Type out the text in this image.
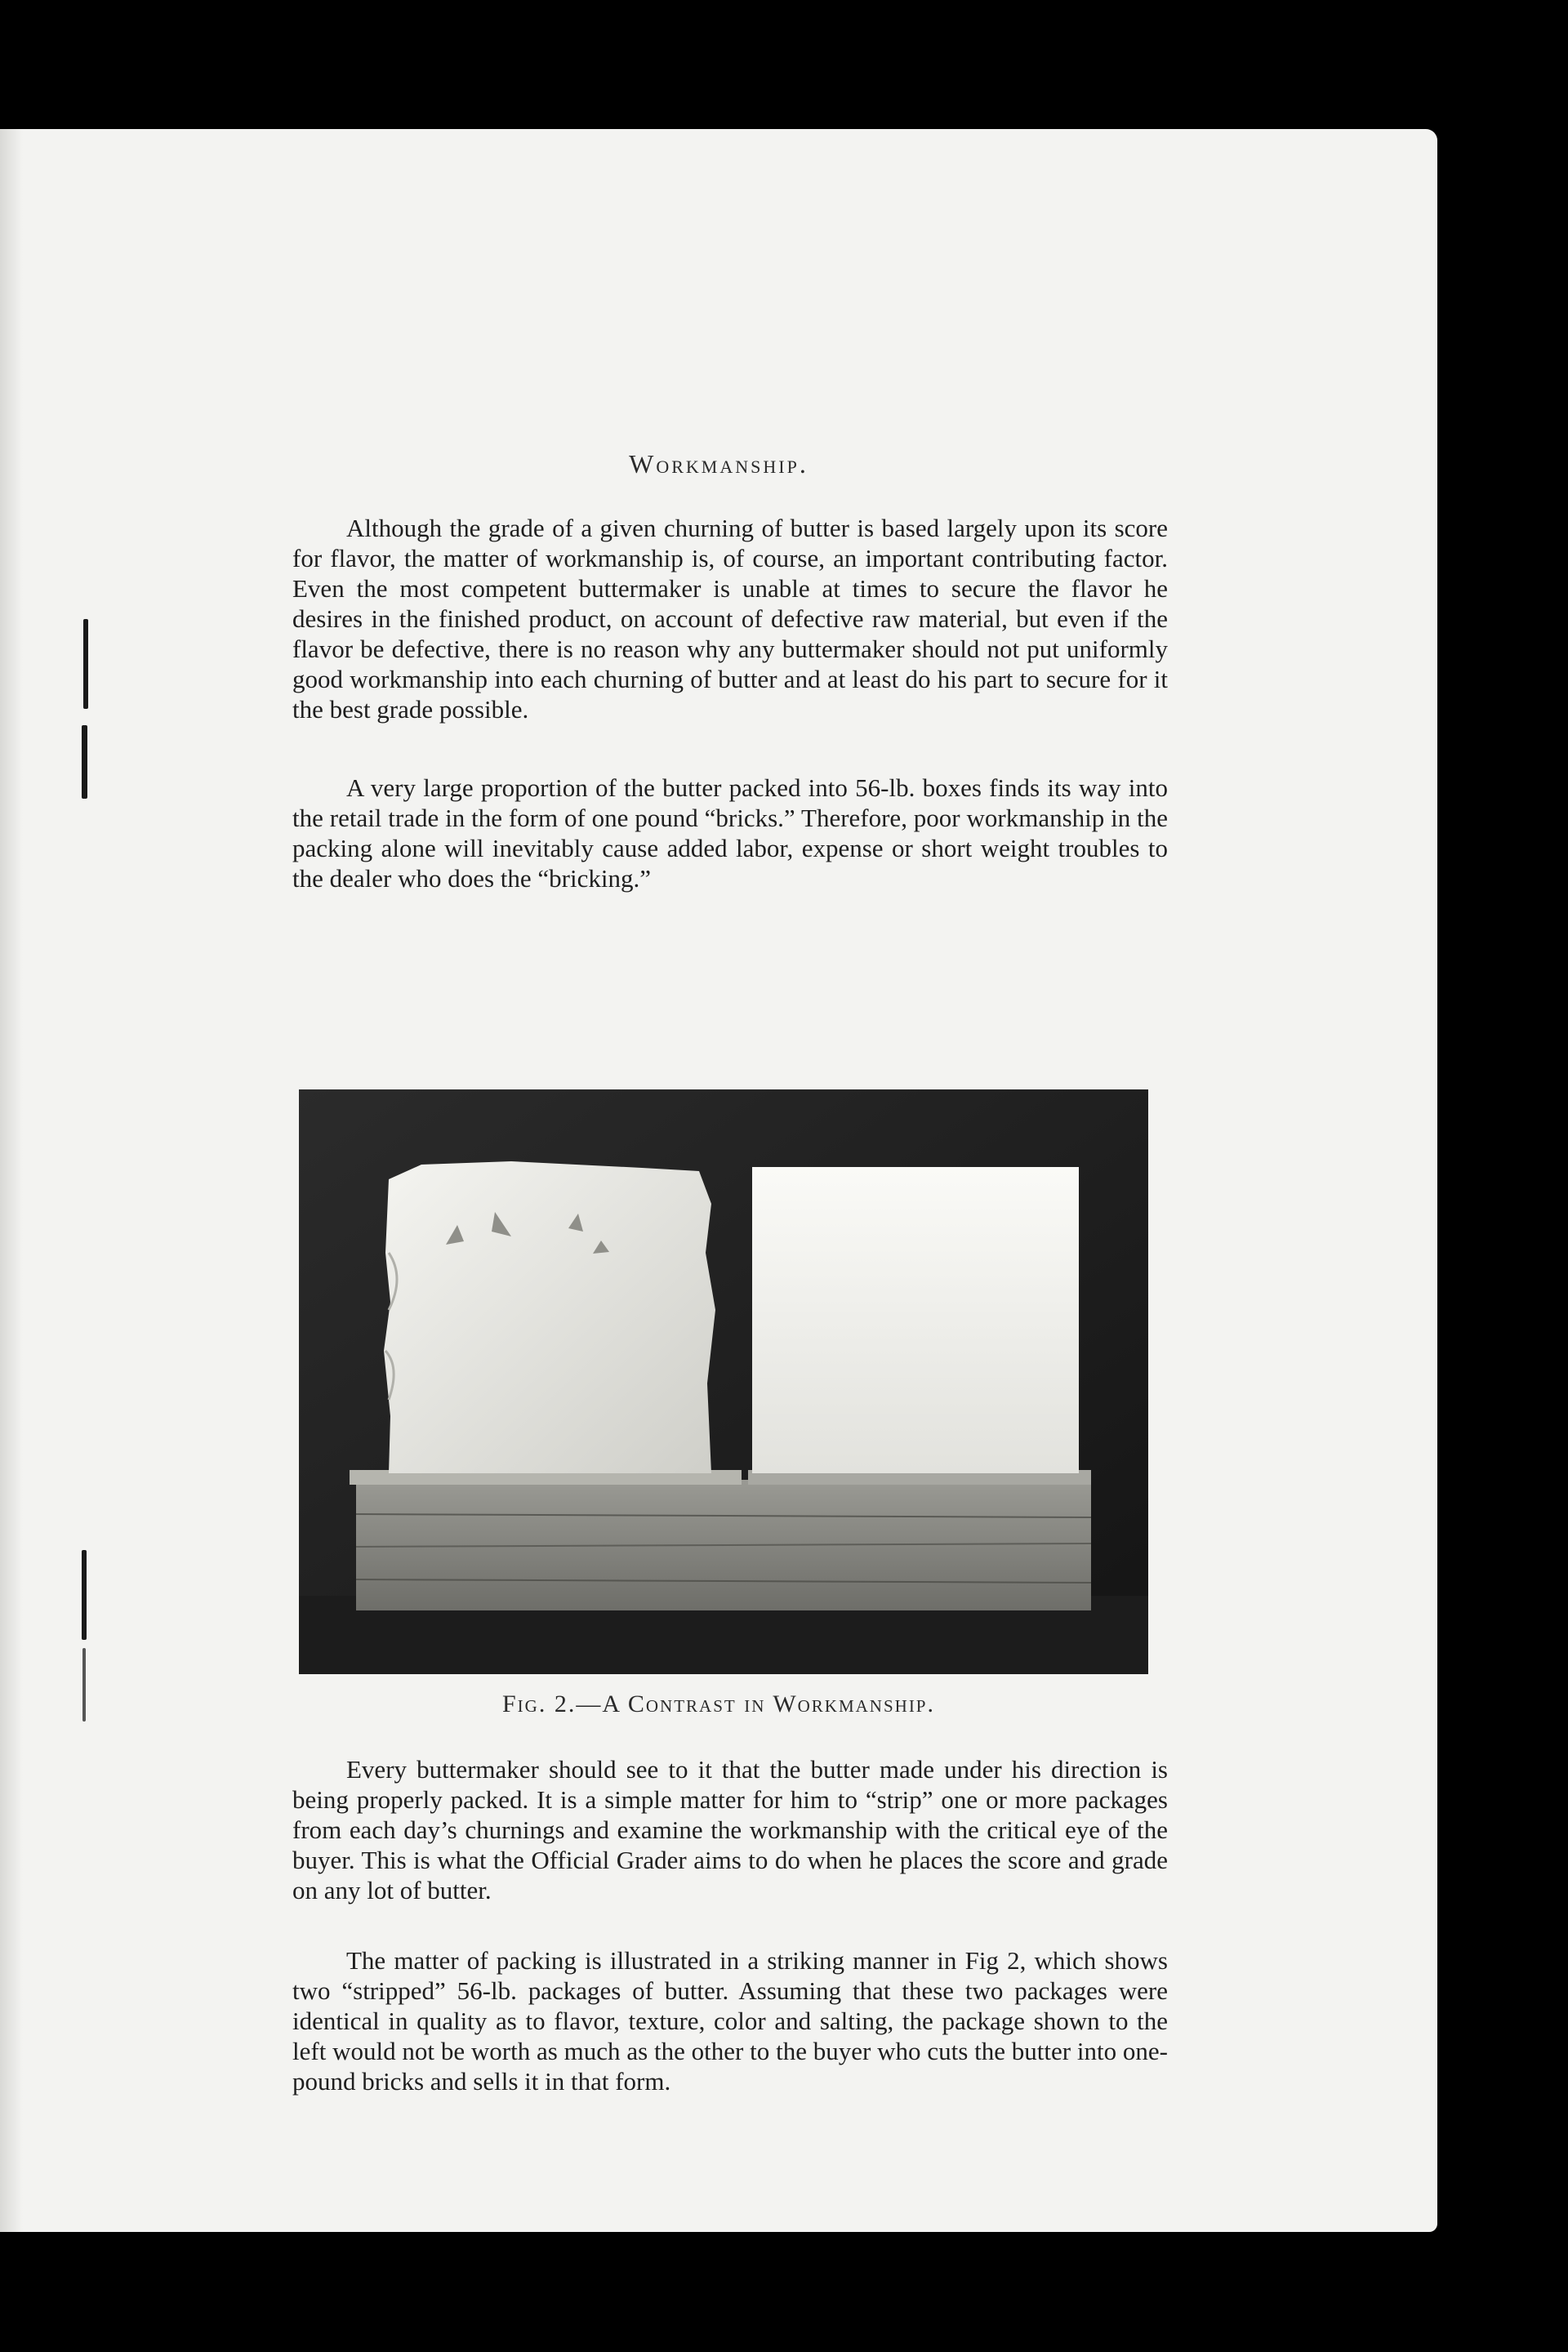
Workmanship.

Although the grade of a given churning of butter is based largely upon its score for flavor, the matter of workmanship is, of course, an important contributing factor. Even the most competent buttermaker is unable at times to secure the flavor he desires in the finished product, on account of defective raw material, but even if the flavor be defective, there is no reason why any buttermaker should not put uniformly good workmanship into each churning of butter and at least do his part to secure for it the best grade possible.

A very large proportion of the butter packed into 56-lb. boxes finds its way into the retail trade in the form of one pound “bricks.” Therefore, poor workmanship in the packing alone will inevitably cause added labor, expense or short weight troubles to the dealer who does the “bricking.”

Fig. 2.—A Contrast in Workmanship.

Every buttermaker should see to it that the butter made under his direction is being properly packed. It is a simple matter for him to “strip” one or more packages from each day’s churnings and examine the workmanship with the critical eye of the buyer. This is what the Official Grader aims to do when he places the score and grade on any lot of butter.

The matter of packing is illustrated in a striking manner in Fig 2, which shows two “stripped” 56-lb. packages of butter. Assuming that these two packages were identical in quality as to flavor, texture, color and salting, the package shown to the left would not be worth as much as the other to the buyer who cuts the butter into one-pound bricks and sells it in that form.
